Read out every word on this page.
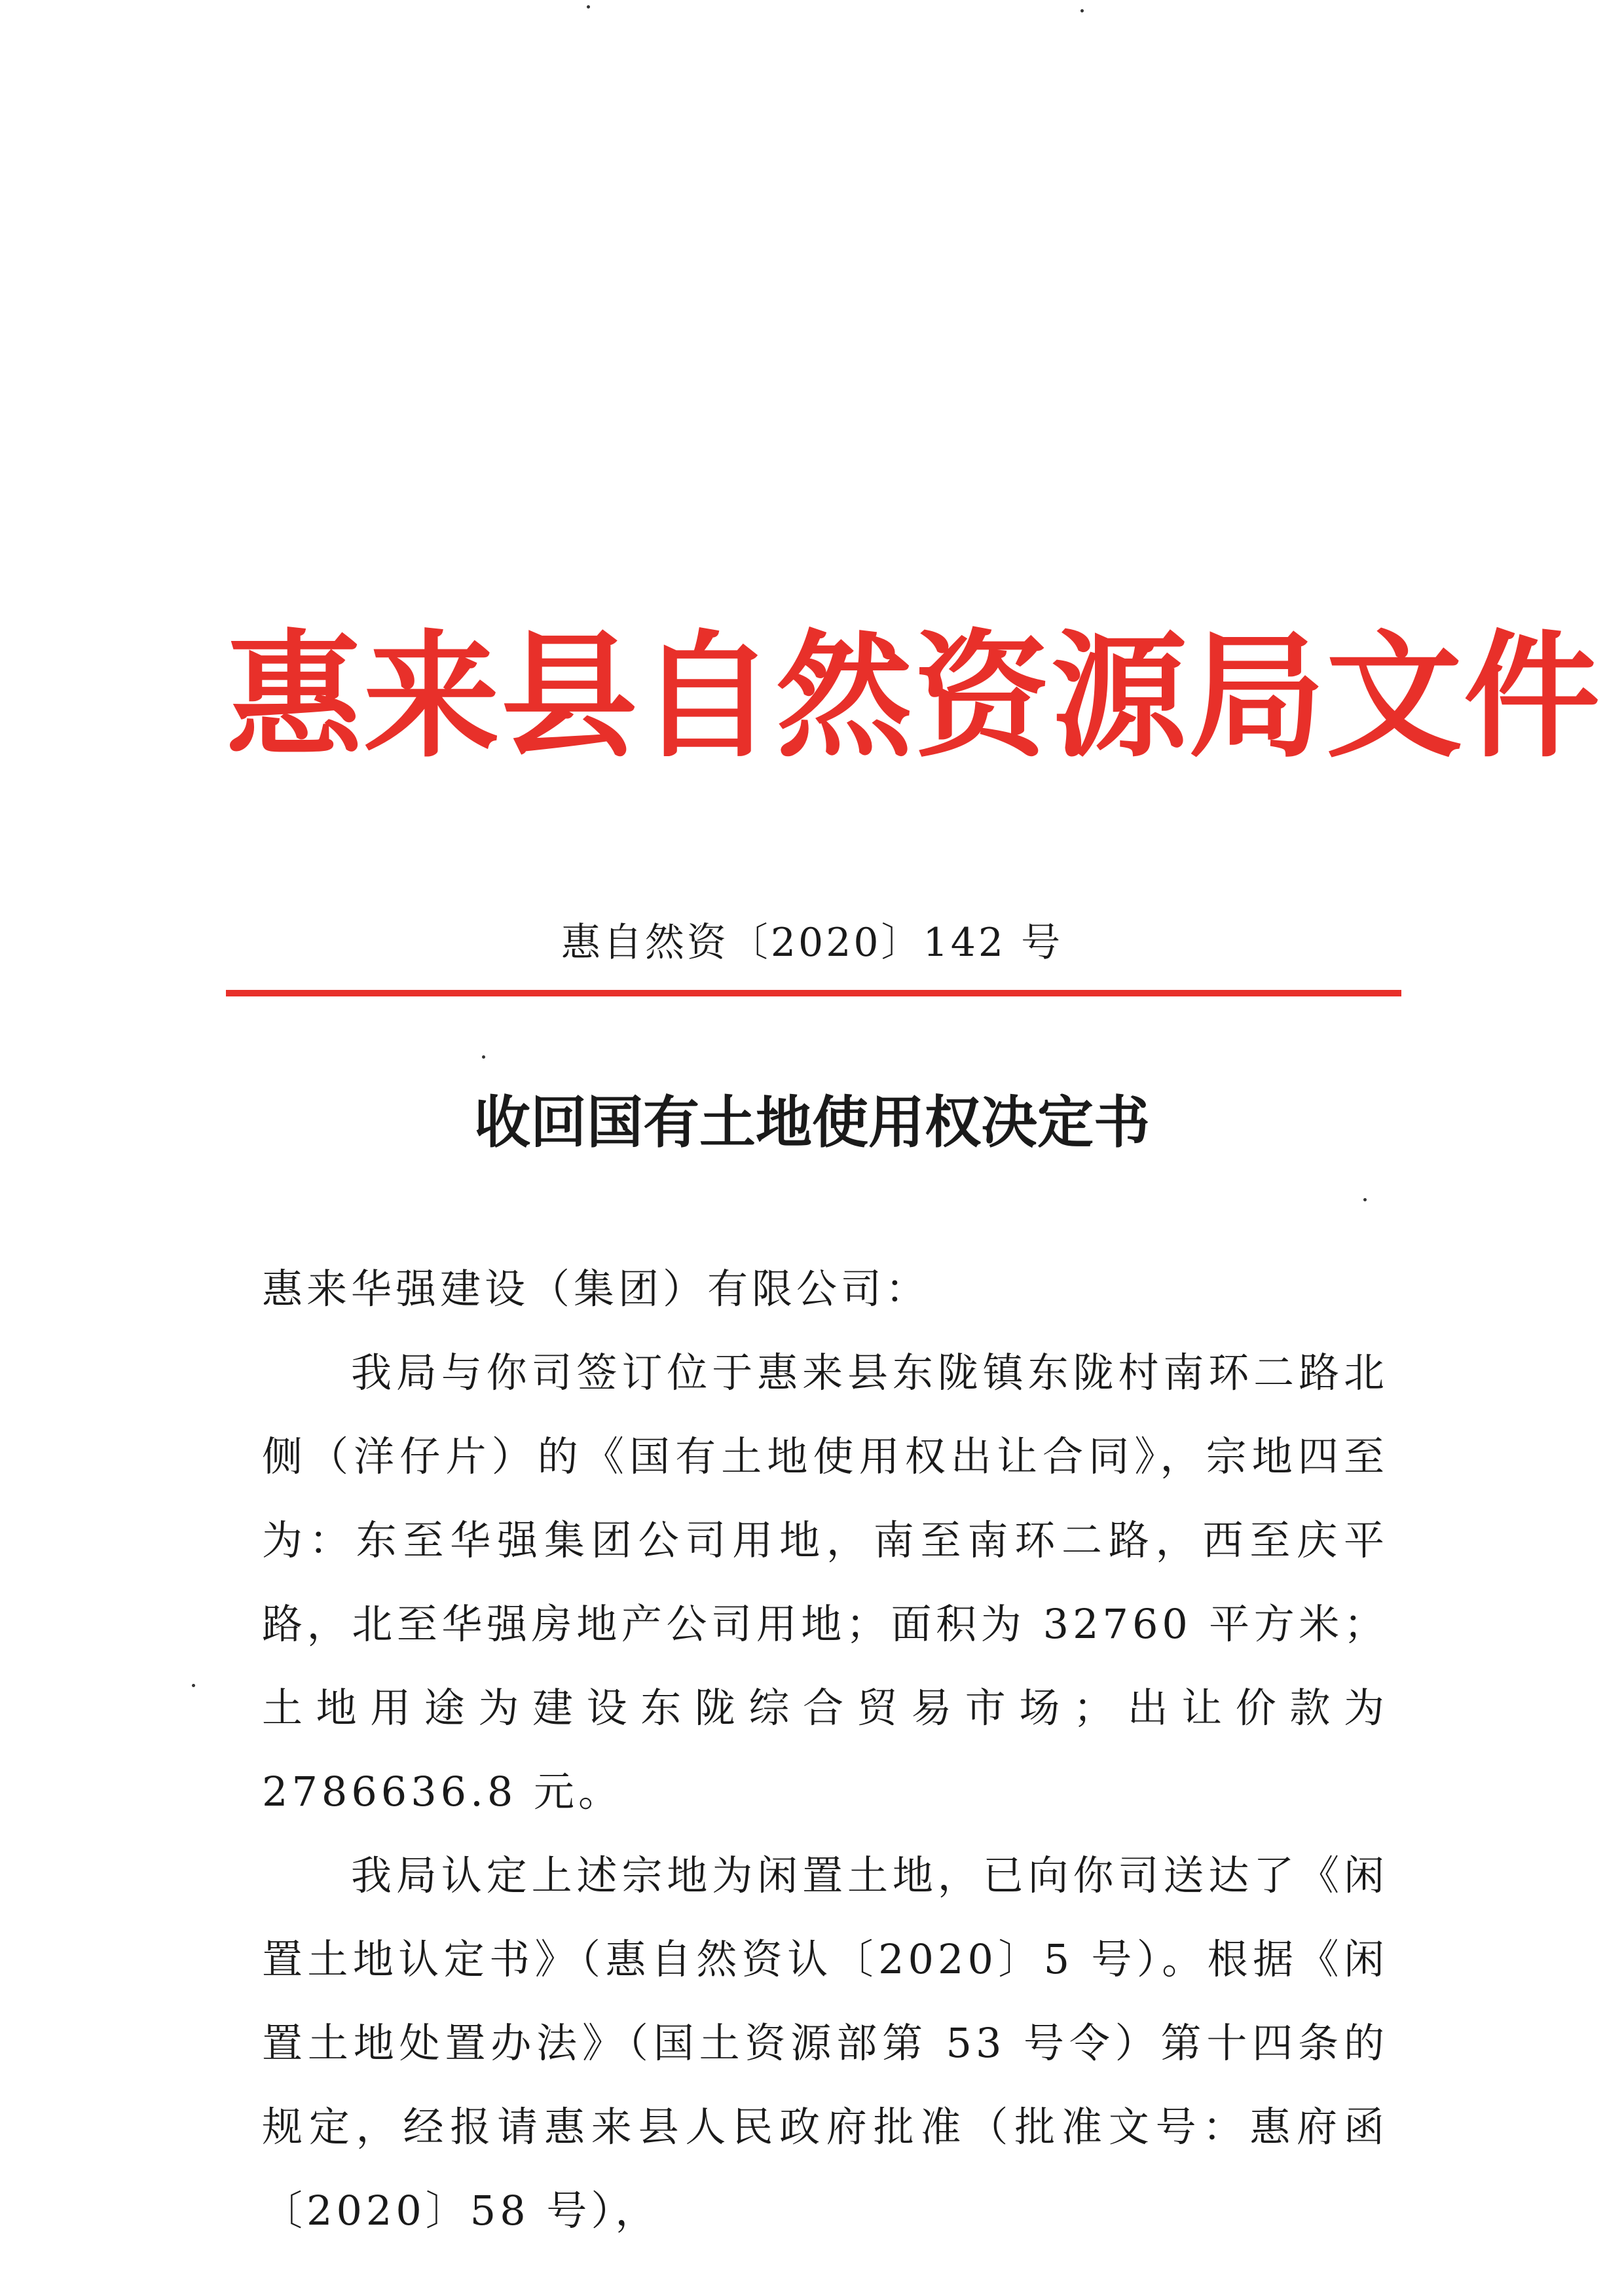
惠来县自然资源局文件
惠自然资〔2020〕142 号
收回国有土地使用权决定书

惠来华强建设（集团）有限公司：

我局与你司签订位于惠来县东陇镇东陇村南环二路北侧（洋仔片）的《国有土地使用权出让合同》，宗地四至为：东至华强集团公司用地，南至南环二路，西至庆平路，北至华强房地产公司用地；面积为 32760 平方米；土地用途为建设东陇综合贸易市场；出让价款为 2786636.8 元。

我局认定上述宗地为闲置土地，已向你司送达了《闲置土地认定书》（惠自然资认〔2020〕5 号）。根据《闲置土地处置办法》（国土资源部第 53 号令）第十四条的规定，经报请惠来县人民政府批准（批准文号：惠府函〔2020〕58 号），
